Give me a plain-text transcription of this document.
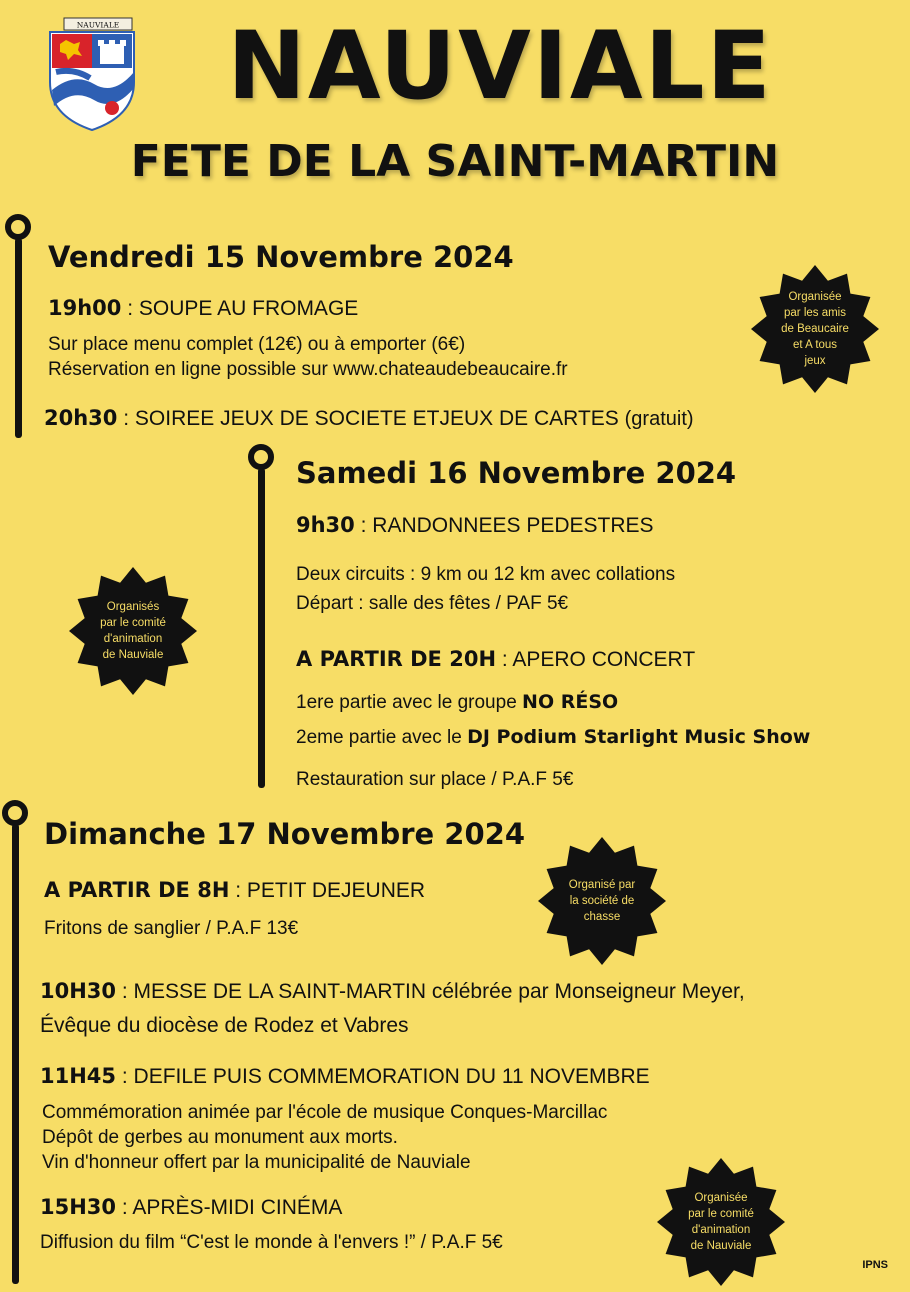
NAUVIALE	NAUVIALE
FETE DE LA SAINT-MARTIN
Vendredi 15 Novembre 2024
19h00 : SOUPE AU FROMAGE
Sur place menu complet (12€) ou à emporter (6€)
Réservation en ligne possible sur www.chateaudebeaucaire.fr
20h30 : SOIREE JEUX DE SOCIETE ETJEUX DE CARTES (gratuit)
Organisée
par les amis
de Beaucaire
et A tous
jeux
Samedi 16 Novembre 2024
9h30 : RANDONNEES PEDESTRES
Deux circuits : 9 km ou 12 km avec collations
Départ : salle des fêtes / PAF 5€
A PARTIR DE 20H : APERO CONCERT
1ere partie avec le groupe NO RÉSO
2eme partie avec le DJ Podium Starlight Music Show
Restauration sur place / P.A.F 5€
Organisés
par le comité
d'animation
de Nauviale
Dimanche 17 Novembre 2024
A PARTIR DE 8H : PETIT DEJEUNER
Fritons de sanglier / P.A.F 13€
Organisé par
la société de
chasse
10H30 : MESSE DE LA SAINT-MARTIN célébrée par Monseigneur Meyer,
Évêque du diocèse de Rodez et Vabres
11H45 : DEFILE PUIS COMMEMORATION DU 11 NOVEMBRE
Commémoration animée par l'école de musique Conques-Marcillac
Dépôt de gerbes au monument aux morts.
Vin d'honneur offert par la municipalité de Nauviale
15H30 : APRÈS-MIDI CINÉMA
Diffusion du film “C'est le monde à l'envers !” / P.A.F 5€
Organisée
par le comité
d'animation
de Nauviale
IPNS
